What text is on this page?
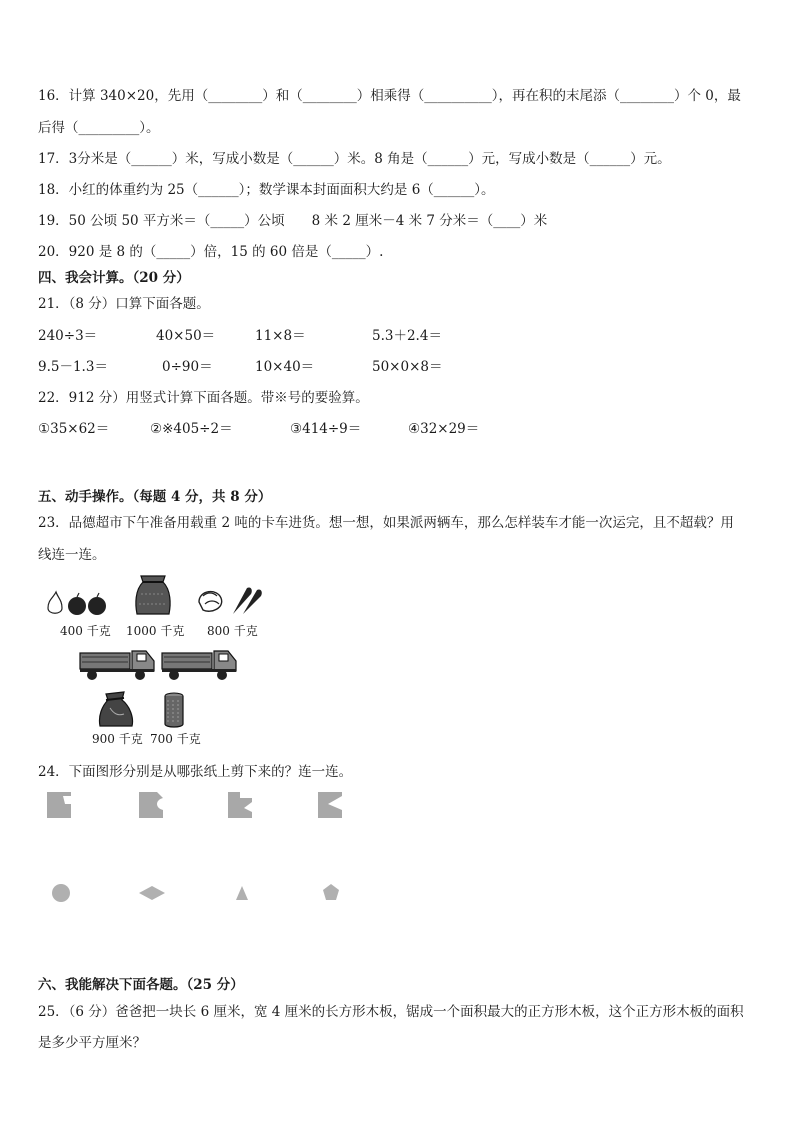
16．计算 340×20，先用（________）和（________）相乘得（__________），再在积的末尾添（________）个 0，最
后得（_________）。
17．3分米是（______）米，写成小数是（______）米。8 角是（______）元，写成小数是（______）元。
18．小红的体重约为 25（______）；数学课本封面面积大约是 6（______）。
19．50 公顷 50 平方米＝（_____）公顷　　8 米 2 厘米－4 米 7 分米＝（____）米
20．920 是 8 的（_____）倍，15 的 60 倍是（_____）.
四、我会计算。（20 分）
21．（8 分）口算下面各题。
240÷3＝	40×50＝	11×8＝	5.3＋2.4＝
9.5－1.3＝	0÷90＝	10×40＝	50×0×8＝
22．912 分）用竖式计算下面各题。带※号的要验算。
①35×62＝	②※405÷2＝	③414÷9＝	④32×29＝
五、动手操作。（每题 4 分，共 8 分）
23．品德超市下午准备用载重 2 吨的卡车进货。想一想，如果派两辆车，那么怎样装车才能一次运完，且不超载？用
线连一连。
400 千克 1000 千克 800 千克
900 千克 700 千克
24．下面图形分别是从哪张纸上剪下来的？连一连。
六、我能解决下面各题。（25 分）
25．（6 分）爸爸把一块长 6 厘米，宽 4 厘米的长方形木板，锯成一个面积最大的正方形木板，这个正方形木板的面积
是多少平方厘米？
